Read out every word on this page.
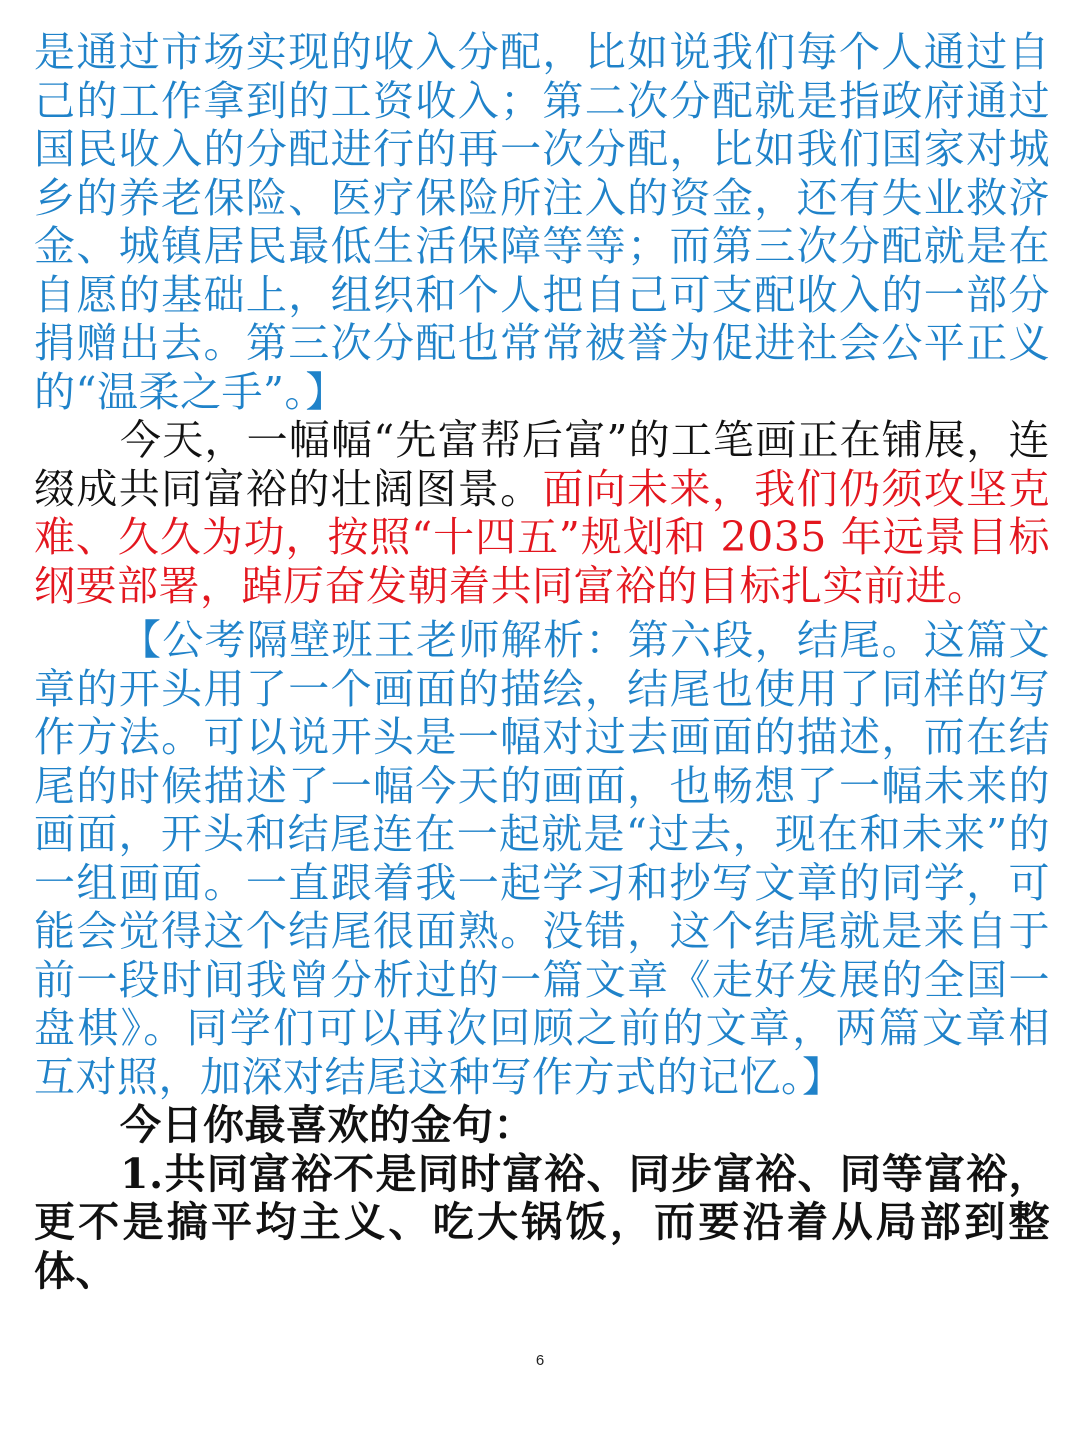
是通过市场实现的收入分配，比如说我们每个人通过自己的工作拿到的工资收入；第二次分配就是指政府通过国民收入的分配进行的再一次分配，比如我们国家对城乡的养老保险、医疗保险所注入的资金，还有失业救济金、城镇居民最低生活保障等等；而第三次分配就是在自愿的基础上，组织和个人把自己可支配收入的一部分捐赠出去。第三次分配也常常被誉为促进社会公平正义的“温柔之手”。】

今天，一幅幅“先富帮后富”的工笔画正在铺展，连缀成共同富裕的壮阔图景。面向未来，我们仍须攻坚克难、久久为功，按照“十四五”规划和 2035 年远景目标纲要部署，踔厉奋发朝着共同富裕的目标扎实前进。

【公考隔壁班王老师解析：第六段，结尾。这篇文章的开头用了一个画面的描绘，结尾也使用了同样的写作方法。可以说开头是一幅对过去画面的描述，而在结尾的时候描述了一幅今天的画面，也畅想了一幅未来的画面，开头和结尾连在一起就是“过去，现在和未来”的一组画面。一直跟着我一起学习和抄写文章的同学，可能会觉得这个结尾很面熟。没错，这个结尾就是来自于前一段时间我曾分析过的一篇文章《走好发展的全国一盘棋》。同学们可以再次回顾之前的文章，两篇文章相互对照，加深对结尾这种写作方式的记忆。】

今日你最喜欢的金句：

1.共同富裕不是同时富裕、同步富裕、同等富裕，更不是搞平均主义、吃大锅饭，而要沿着从局部到整体、

6
